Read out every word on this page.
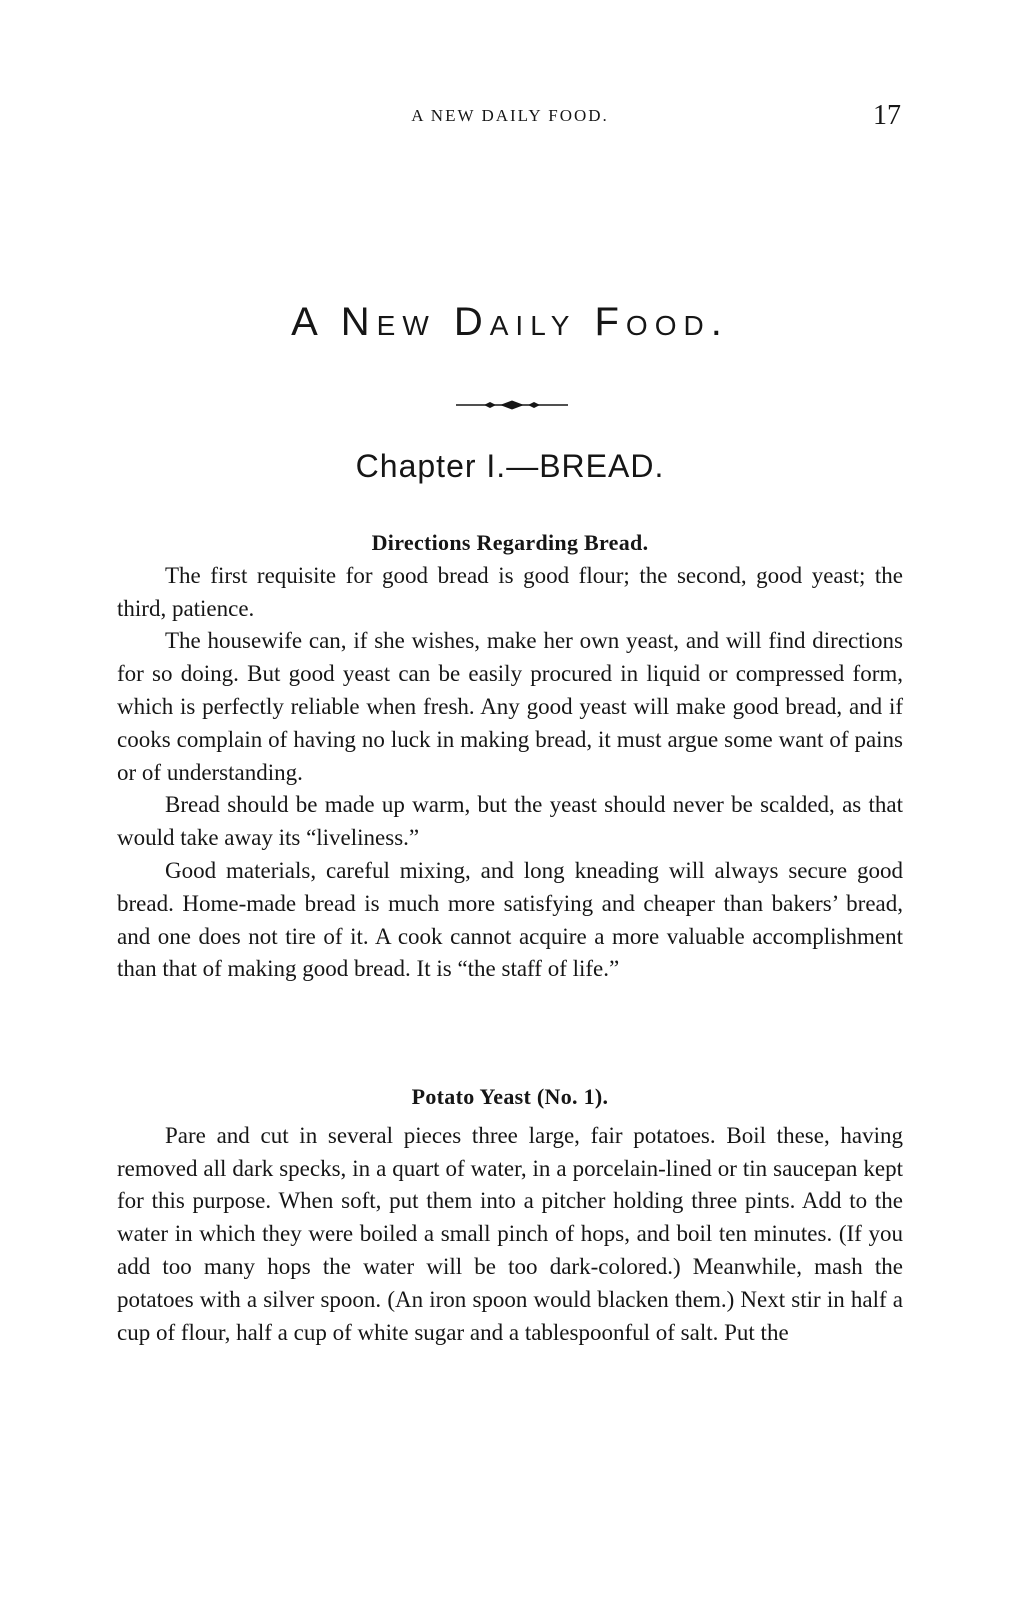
A NEW DAILY FOOD.	17
A New Daily Food.
Chapter I.—BREAD.
Directions Regarding Bread.

The first requisite for good bread is good flour; the second, good yeast; the third, patience.

The housewife can, if she wishes, make her own yeast, and will find directions for so doing. But good yeast can be easily procured in liquid or compressed form, which is perfectly reliable when fresh. Any good yeast will make good bread, and if cooks complain of having no luck in making bread, it must argue some want of pains or of understanding.

Bread should be made up warm, but the yeast should never be scalded, as that would take away its “liveliness.”

Good materials, careful mixing, and long kneading will always secure good bread. Home-made bread is much more satisfying and cheaper than bakers’ bread, and one does not tire of it. A cook cannot acquire a more valuable accomplishment than that of making good bread. It is “the staff of life.”

Potato Yeast (No. 1).

Pare and cut in several pieces three large, fair potatoes. Boil these, having removed all dark specks, in a quart of water, in a porcelain-lined or tin saucepan kept for this purpose. When soft, put them into a pitcher holding three pints. Add to the water in which they were boiled a small pinch of hops, and boil ten minutes. (If you add too many hops the water will be too dark-colored.) Meanwhile, mash the potatoes with a silver spoon. (An iron spoon would blacken them.) Next stir in half a cup of flour, half a cup of white sugar and a tablespoonful of salt. Put the
